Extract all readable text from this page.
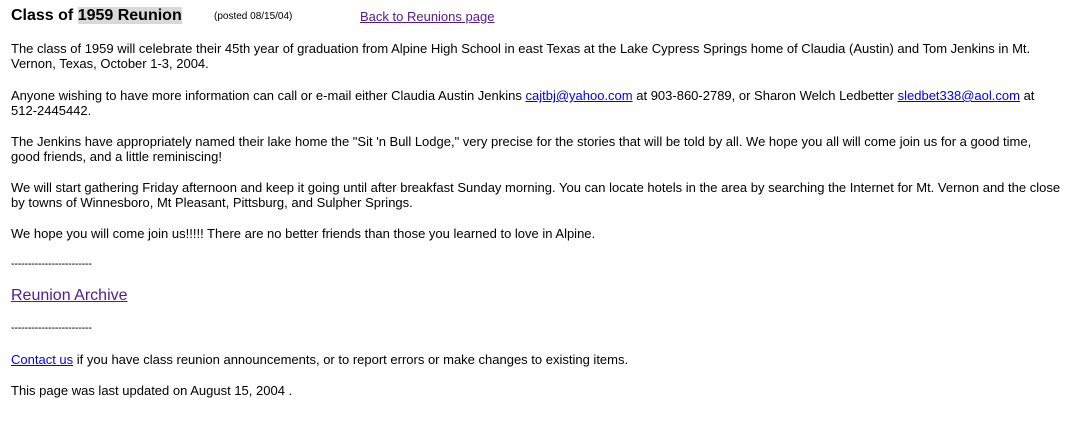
Class of 1959 Reunion	(posted 08/15/04)	Back to Reunions page

The class of 1959 will celebrate their 45th year of graduation from Alpine High School in east Texas at the Lake Cypress Springs home of Claudia (Austin) and Tom Jenkins in Mt. Vernon, Texas, October 1-3, 2004.

Anyone wishing to have more information can call or e-mail either Claudia Austin Jenkins cajtbj@yahoo.com at 903-860-2789, or Sharon Welch Ledbetter sledbet338@aol.com at 512-2445442.

The Jenkins have appropriately named their lake home the "Sit 'n Bull Lodge," very precise for the stories that will be told by all. We hope you all will come join us for a good time, good friends, and a little reminiscing!

We will start gathering Friday afternoon and keep it going until after breakfast Sunday morning. You can locate hotels in the area by searching the Internet for Mt. Vernon and the close by towns of Winnesboro, Mt Pleasant, Pittsburg, and Sulpher Springs.

We hope you will come join us!!!!! There are no better friends than those you learned to love in Alpine.

------------------------
Reunion Archive
------------------------

Contact us if you have class reunion announcements, or to report errors or make changes to existing items.

This page was last updated on August 15, 2004 .
